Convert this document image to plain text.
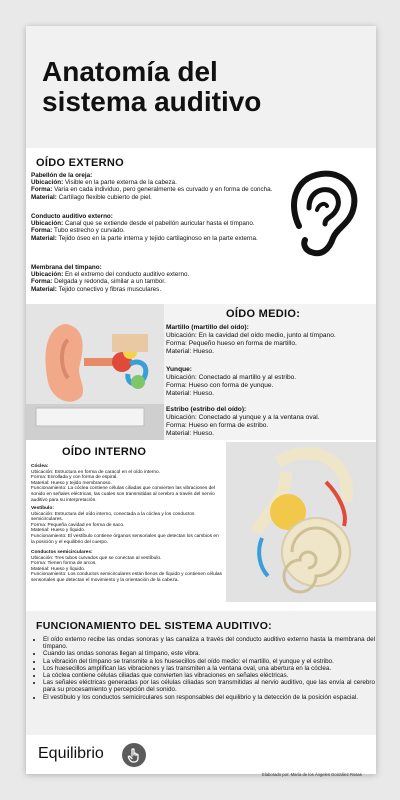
Anatomía del
sistema auditivo
OÍDO EXTERNO

Pabellón de la oreja:

Ubicación: Visible en la parte externa de la cabeza.

Forma: Varía en cada individuo, pero generalmente es curvado y en forma de concha.

Material: Cartílago flexible cubierto de piel.

Conducto auditivo externo:

Ubicación: Canal que se extiende desde el pabellón auricular hasta el tímpano.

Forma: Tubo estrecho y curvado.

Material: Tejido óseo en la parte interna y tejido cartilaginoso en la parte externa.

Membrana del tímpano:

Ubicación: En el extremo del conducto auditivo externo.

Forma: Delgada y redonda, similar a un tambor.

Material: Tejido conectivo y fibras musculares.

OÍDO MEDIO:

Martillo (martillo del oído):

Ubicación: En la cavidad del oído medio, junto al tímpano.

Forma: Pequeño hueso en forma de martillo.

Material: Hueso.

Yunque:

Ubicación: Conectado al martillo y al estribo.

Forma: Hueso con forma de yunque.

Material: Hueso.

Estribo (estribo del oído):

Ubicación: Conectado al yunque y a la ventana oval.

Forma: Hueso en forma de estribo.

Material: Hueso.

OÍDO INTERNO

Cóclea:

Ubicación: Estructura en forma de caracol en el oído interno.

Forma: Enrollada y con forma de espiral.

Material: Hueso y tejido membranoso.

Funcionamiento: La cóclea contiene células ciliadas que convierten las vibraciones del sonido en señales eléctricas, las cuales son transmitidas al cerebro a través del nervio auditivo para su interpretación.

Vestíbulo:

Ubicación: Estructura del oído interno, conectada a la cóclea y los conductos semicirculares.

Forma: Pequeña cavidad en forma de saco.

Material: Hueso y líquido.

Funcionamiento: El vestíbulo contiene órganos sensoriales que detectan los cambios en la posición y el equilibrio del cuerpo.

Conductos semicirculares:

Ubicación: Tres tubos curvados que se conectan al vestíbulo.

Forma: Tienen forma de arcos.

Material: Hueso y líquido.

Funcionamiento: Los conductos semicirculares están llenos de líquido y contienen células sensoriales que detectan el movimiento y la orientación de la cabeza.

FUNCIONAMIENTO DEL SISTEMA AUDITIVO:
• El oído externo recibe las ondas sonoras y las canaliza a través del conducto auditivo externo hasta la membrana del tímpano.
• Cuando las ondas sonoras llegan al tímpano, este vibra.
• La vibración del tímpano se transmite a los huesecillos del oído medio: el martillo, el yunque y el estribo.
• Los huesecillos amplifican las vibraciones y las transmiten a la ventana oval, una abertura en la cóclea.
• La cóclea contiene células ciliadas que convierten las vibraciones en señales eléctricas.
• Las señales eléctricas generadas por las células ciliadas son transmitidas al nervio auditivo, que las envía al cerebro para su procesamiento y percepción del sonido.
• El vestíbulo y los conductos semicirculares son responsables del equilibrio y la detección de la posición espacial.

Equilibrio

Elaborado por: María de los Ángeles González Rosas
